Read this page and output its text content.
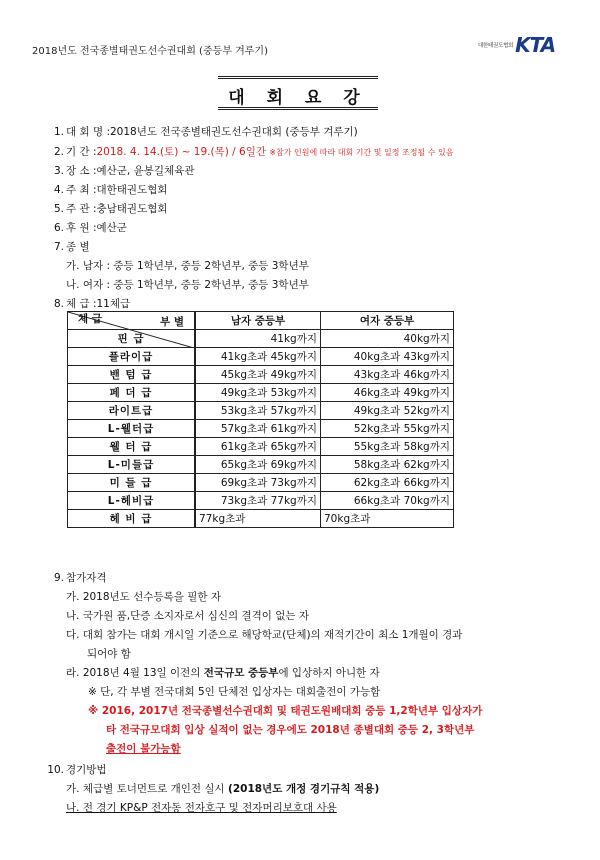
2018년도 전국종별태권도선수권대회 (중등부 겨루기)	대한태권도협회 KTA
대 회 요 강
1. 대 회 명 :2018년도 전국종별태권도선수권대회 (중등부 겨루기)
2. 기 간 :2018. 4. 14.(토) ~ 19.(목) / 6일간 ※참가 인원에 따라 대회 기간 및 일정 조정될 수 있음
3. 장 소 :예산군, 윤봉길체육관
4. 주 최 :대한태권도협회
5. 주 관 :충남태권도협회
6. 후 원 :예산군
7. 종 별
가. 남자 : 중등 1학년부, 중등 2학년부, 중등 3학년부
나. 여자 : 중등 1학년부, 중등 2학년부, 중등 3학년부
8. 체 급 :11체급
부 별
체 급	남자 중등부	여자 중등부
핀 급	41kg까지	40kg까지
플라이급	41kg초과 45kg까지	40kg초과 43kg까지
밴 텀 급	45kg초과 49kg까지	43kg초과 46kg까지
페 더 급	49kg초과 53kg까지	46kg초과 49kg까지
라이트급	53kg초과 57kg까지	49kg초과 52kg까지
L-웰터급	57kg초과 61kg까지	52kg초과 55kg까지
웰 터 급	61kg초과 65kg까지	55kg초과 58kg까지
L-미들급	65kg초과 69kg까지	58kg초과 62kg까지
미 들 급	69kg초과 73kg까지	62kg초과 66kg까지
L-헤비급	73kg초과 77kg까지	66kg초과 70kg까지
헤 비 급	77kg초과	70kg초과
9. 참가자격
가. 2018년도 선수등록을 필한 자
나. 국가원 품,단증 소지자로서 심신의 결격이 없는 자
다. 대회 참가는 대회 개시일 기준으로 해당학교(단체)의 재적기간이 최소 1개월이 경과
되어야 함
라. 2018년 4월 13일 이전의 전국규모 중등부에 입상하지 아니한 자
※ 단, 각 부별 전국대회 5인 단체전 입상자는 대회출전이 가능함
※ 2016, 2017년 전국종별선수권대회 및 태권도원배대회 중등 1,2학년부 입상자가
타 전국규모대회 입상 실적이 없는 경우에도 2018년 종별대회 중등 2, 3학년부
출전이 불가능함
10. 경기방법
가. 체급별 토너먼트로 개인전 실시 (2018년도 개정 경기규칙 적용)
나. 전 경기 KP&P 전자동 전자호구 및 전자머리보호대 사용
